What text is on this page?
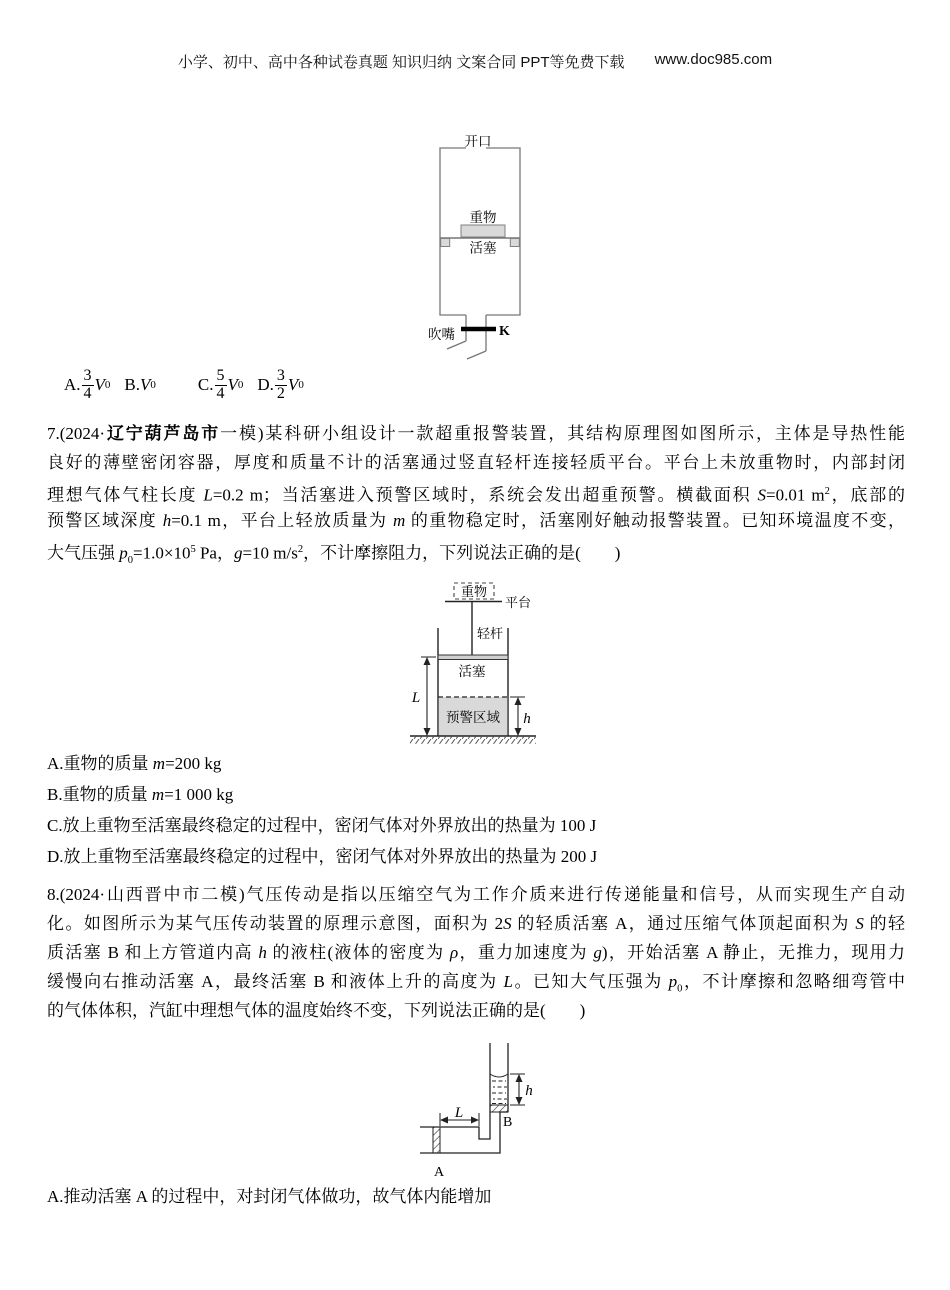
小学、初中、高中各种试卷真题 知识归纳 文案合同 PPT等免费下载 www.doc985.com
开口
重物
活塞
K
吹嘴
A. $\frac{3}{4}$ V 0 B. V 0 C. $\frac{5}{4}$ V 0 D. $\frac{3}{2}$ V 0
7.(2024·辽宁葫芦岛市一模)某科研小组设计一款超重报警装置，其结构原理图如图所示，主体是导热性能
良好的薄壁密闭容器，厚度和质量不计的活塞通过竖直轻杆连接轻质平台。平台上未放重物时，内部封闭
理想气体气柱长度 L=0.2 m；当活塞进入预警区域时，系统会发出超重预警。横截面积 S=0.01 $m^2$，底部的
预警区域深度 h=0.1 m，平台上轻放质量为 m 的重物稳定时，活塞刚好触动报警装置。已知环境温度不变，
大气压强 $p_0=1.0\times 10^5$ Pa，g=10 $m/s^2$，不计摩擦阻力，下列说法正确的是(　　)
重物
平台
轻杆
活塞
预警区域
L
h
A.重物的质量 m=200 kg
B.重物的质量 m=1 000 kg
C.放上重物至活塞最终稳定的过程中，密闭气体对外界放出的热量为 100 J
D.放上重物至活塞最终稳定的过程中，密闭气体对外界放出的热量为 200 J
8.(2024·山西晋中市二模)气压传动是指以压缩空气为工作介质来进行传递能量和信号，从而实现生产自动
化。如图所示为某气压传动装置的原理示意图，面积为 2S 的轻质活塞 A，通过压缩气体顶起面积为 S 的轻
质活塞 B 和上方管道内高 h 的液柱(液体的密度为 ρ，重力加速度为 g)，开始活塞 A 静止，无推力，现用力
缓慢向右推动活塞 A，最终活塞 B 和液体上升的高度为 L。已知大气压强为 $p_0$，不计摩擦和忽略细弯管中
的气体体积，汽缸中理想气体的温度始终不变，下列说法正确的是(　　)
B
h
A
L
A.推动活塞 A 的过程中，对封闭气体做功，故气体内能增加
